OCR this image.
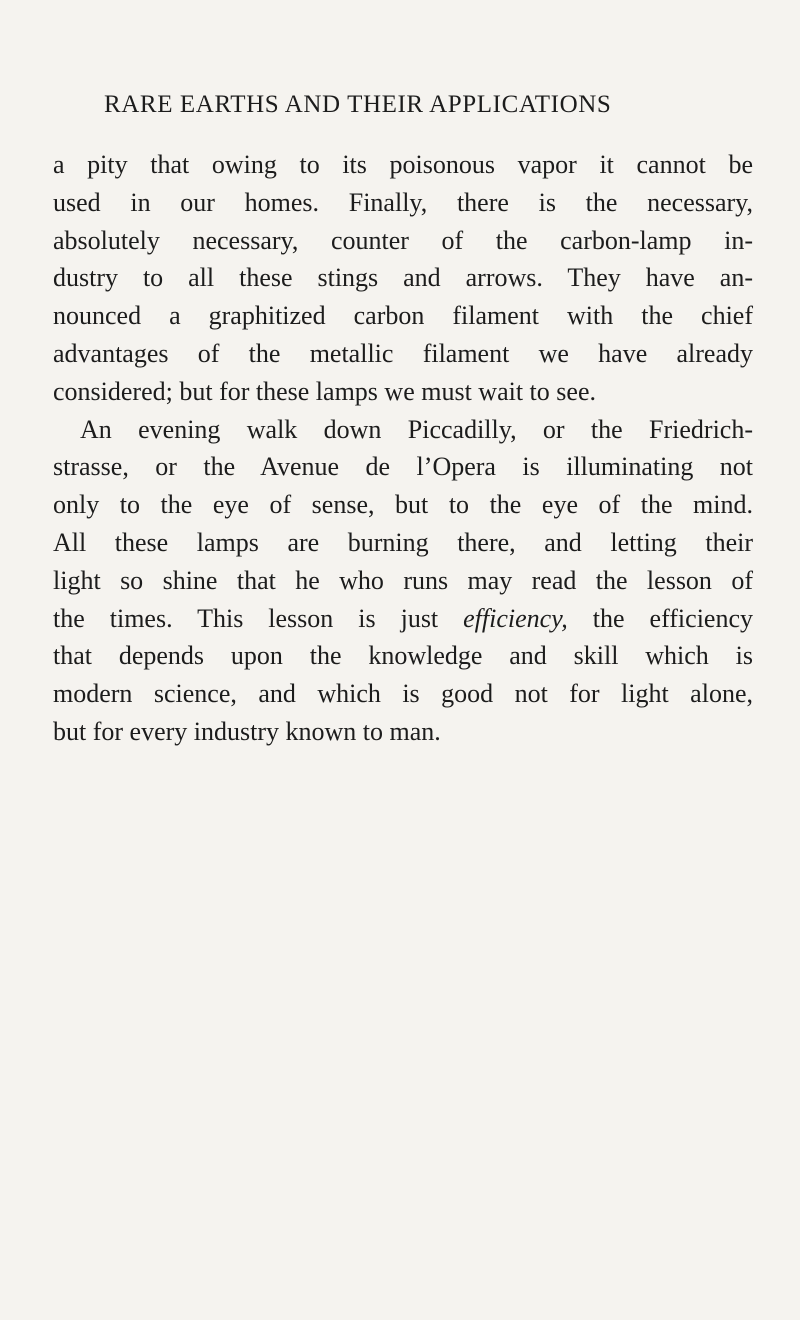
RARE EARTHS AND THEIR APPLICATIONS
a pity that owing to its poisonous vapor it cannot be
used in our homes. Finally, there is the necessary,
absolutely necessary, counter of the carbon-lamp in-
dustry to all these stings and arrows. They have an-
nounced a graphitized carbon filament with the chief
advantages of the metallic filament we have already
considered; but for these lamps we must wait to see.
An evening walk down Piccadilly, or the Friedrich-
strasse, or the Avenue de l’Opera is illuminating not
only to the eye of sense, but to the eye of the mind.
All these lamps are burning there, and letting their
light so shine that he who runs may read the lesson of
the times. This lesson is just efficiency, the efficiency
that depends upon the knowledge and skill which is
modern science, and which is good not for light alone,
but for every industry known to man.
